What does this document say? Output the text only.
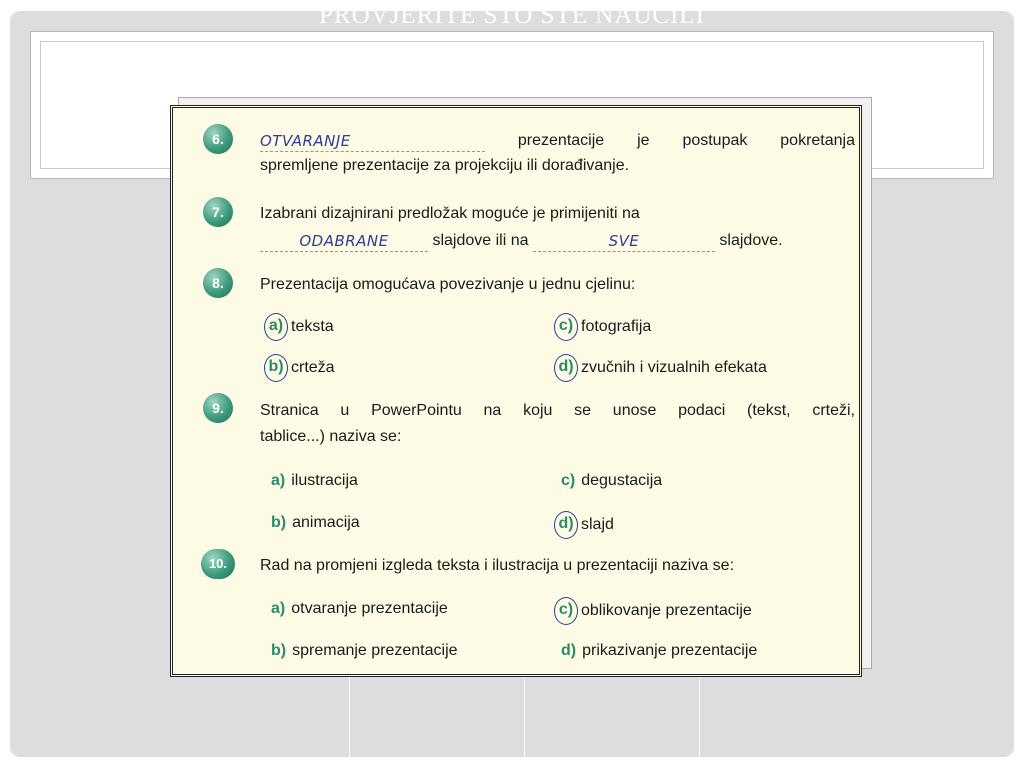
PROVJERITE ŠTO STE NAUČILI
6.	OTVARANJE	prezentacije je postupak pokretanja
spremljene prezentacije za projekciju ili dorađivanje.
7.	Izabrani dizajnirani predložak moguće je primijeniti na
ODABRANE	slajdove ili na	SVE	slajdove.
8.	Prezentacija omogućava povezivanje u jednu cjelinu:
a) teksta	c) fotografija
b) crteža	d) zvučnih i vizualnih efekata
9.	Stranica u PowerPointu na koju se unose podaci (tekst, crteži,
tablice...) naziva se:
a) ilustracija	c) degustacija
b) animacija	d) slajd
10.	Rad na promjeni izgleda teksta i ilustracija u prezentaciji naziva se:
a) otvaranje prezentacije	c) oblikovanje prezentacije
b) spremanje prezentacije	d) prikazivanje prezentacije
